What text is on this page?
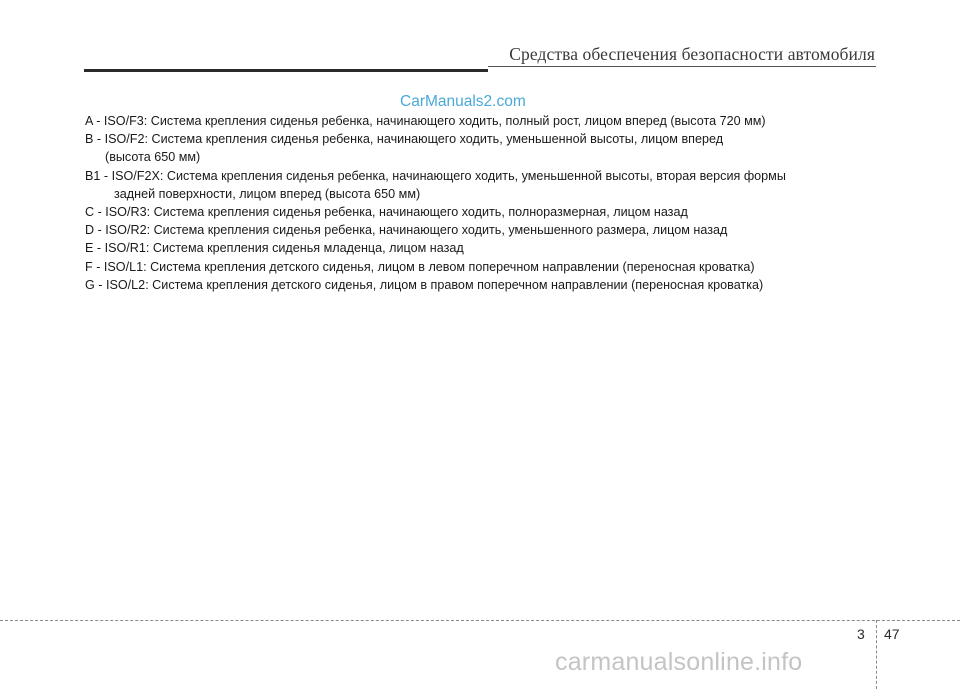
Средства обеспечения безопасности автомобиля
CarManuals2.com
A - ISO/F3: Система крепления сиденья ребенка, начинающего ходить, полный рост, лицом вперед (высота 720 мм)
B - ISO/F2: Система крепления сиденья ребенка, начинающего ходить, уменьшенной высоты, лицом вперед
(высота 650 мм)
B1 - ISO/F2X: Система крепления сиденья ребенка, начинающего ходить, уменьшенной высоты, вторая версия формы
задней поверхности, лицом вперед (высота 650 мм)
C - ISO/R3: Система крепления сиденья ребенка, начинающего ходить, полноразмерная, лицом назад
D - ISO/R2: Система крепления сиденья ребенка, начинающего ходить, уменьшенного размера, лицом назад
E - ISO/R1: Система крепления сиденья младенца, лицом назад
F - ISO/L1: Система крепления детского сиденья, лицом в левом поперечном направлении (переносная кроватка)
G - ISO/L2: Система крепления детского сиденья, лицом в правом поперечном направлении (переносная кроватка)
3 47
carmanualsonline.info
